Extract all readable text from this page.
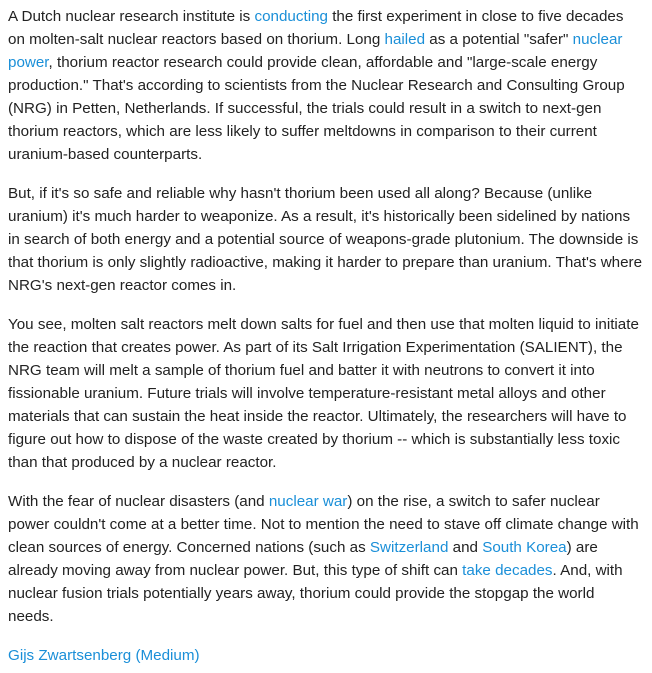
A Dutch nuclear research institute is conducting the first experiment in close to five decades on molten-salt nuclear reactors based on thorium. Long hailed as a potential "safer" nuclear power, thorium reactor research could provide clean, affordable and "large-scale energy production." That's according to scientists from the Nuclear Research and Consulting Group (NRG) in Petten, Netherlands. If successful, the trials could result in a switch to next-gen thorium reactors, which are less likely to suffer meltdowns in comparison to their current uranium-based counterparts.

But, if it's so safe and reliable why hasn't thorium been used all along? Because (unlike uranium) it's much harder to weaponize. As a result, it's historically been sidelined by nations in search of both energy and a potential source of weapons-grade plutonium. The downside is that thorium is only slightly radioactive, making it harder to prepare than uranium. That's where NRG's next-gen reactor comes in.

You see, molten salt reactors melt down salts for fuel and then use that molten liquid to initiate the reaction that creates power. As part of its Salt Irrigation Experimentation (SALIENT), the NRG team will melt a sample of thorium fuel and batter it with neutrons to convert it into fissionable uranium. Future trials will involve temperature-resistant metal alloys and other materials that can sustain the heat inside the reactor. Ultimately, the researchers will have to figure out how to dispose of the waste created by thorium -- which is substantially less toxic than that produced by a nuclear reactor.

With the fear of nuclear disasters (and nuclear war) on the rise, a switch to safer nuclear power couldn't come at a better time. Not to mention the need to stave off climate change with clean sources of energy. Concerned nations (such as Switzerland and South Korea) are already moving away from nuclear power. But, this type of shift can take decades. And, with nuclear fusion trials potentially years away, thorium could provide the stopgap the world needs.

Gijs Zwartsenberg (Medium)
